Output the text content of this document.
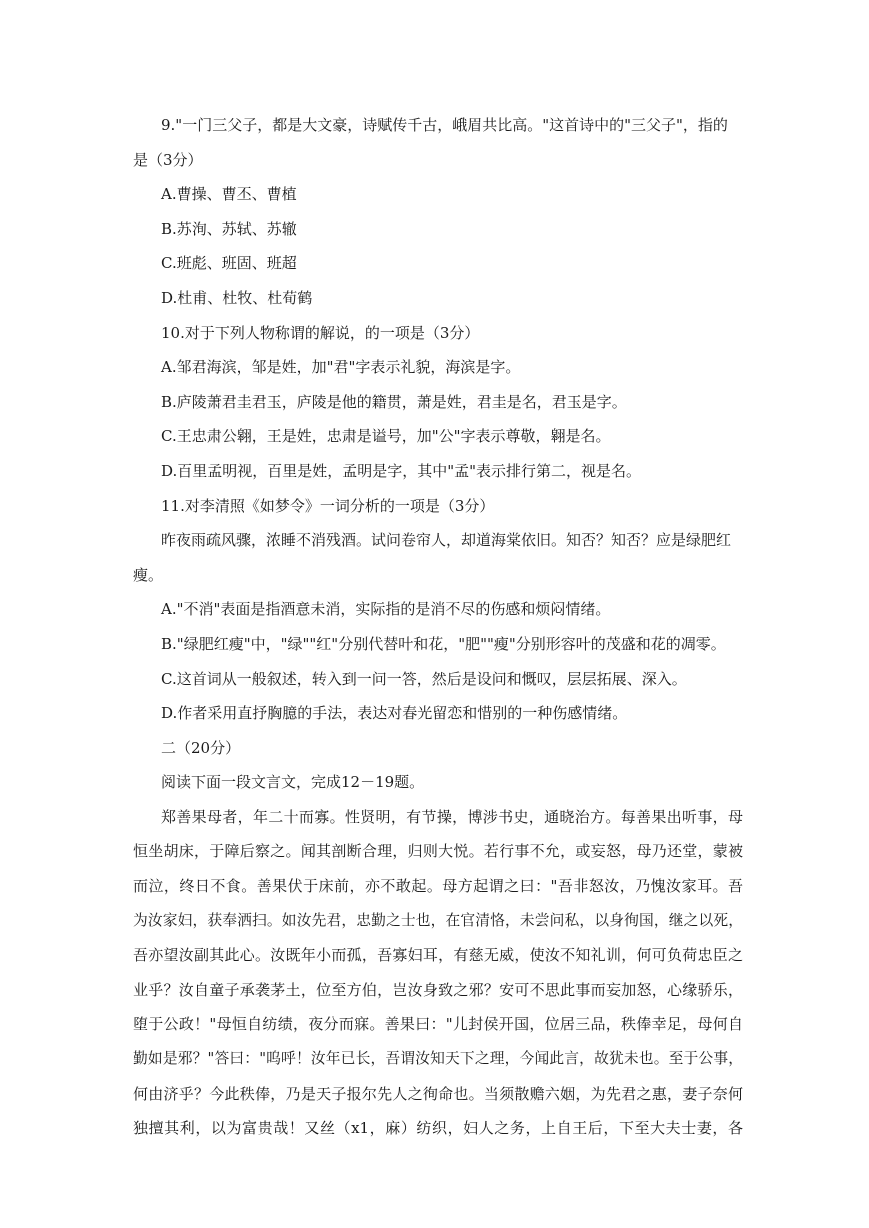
9."一门三父子，都是大文豪，诗赋传千古，峨眉共比高。"这首诗中的"三父子"，指的

是（3分）

A.曹操、曹丕、曹植

B.苏洵、苏轼、苏辙

C.班彪、班固、班超

D.杜甫、杜牧、杜荀鹤

10.对于下列人物称谓的解说，的一项是（3分）

A.邹君海滨，邹是姓，加"君"字表示礼貌，海滨是字。

B.庐陵萧君圭君玉，庐陵是他的籍贯，萧是姓，君圭是名，君玉是字。

C.王忠肃公翱，王是姓，忠肃是谥号，加"公"字表示尊敬，翱是名。

D.百里孟明视，百里是姓，孟明是字，其中"孟"表示排行第二，视是名。

11.对李清照《如梦令》一词分析的一项是（3分）

昨夜雨疏风骤，浓睡不消残酒。试问卷帘人，却道海棠依旧。知否？知否？应是绿肥红

瘦。

A."不消"表面是指酒意未消，实际指的是消不尽的伤感和烦闷情绪。

B."绿肥红瘦"中，"绿""红"分别代替叶和花，"肥""瘦"分别形容叶的茂盛和花的凋零。

C.这首词从一般叙述，转入到一问一答，然后是设问和慨叹，层层拓展、深入。

D.作者采用直抒胸臆的手法，表达对春光留恋和惜别的一种伤感情绪。

二（20分）

阅读下面一段文言文，完成12－19题。

郑善果母者，年二十而寡。性贤明，有节操，博涉书史，通晓治方。每善果出听事，母

恒坐胡床，于障后察之。闻其剖断合理，归则大悦。若行事不允，或妄怒，母乃还堂，蒙被

而泣，终日不食。善果伏于床前，亦不敢起。母方起谓之曰："吾非怒汝，乃愧汝家耳。吾

为汝家妇，获奉洒扫。如汝先君，忠勤之士也，在官清恪，未尝问私，以身徇国，继之以死，

吾亦望汝副其此心。汝既年小而孤，吾寡妇耳，有慈无威，使汝不知礼训，何可负荷忠臣之

业乎？汝自童子承袭茅土，位至方伯，岂汝身致之邪？安可不思此事而妄加怒，心缘骄乐，

堕于公政！"母恒自纺绩，夜分而寐。善果曰："儿封侯开国，位居三品，秩俸幸足，母何自

勤如是邪？"答曰："呜呼！汝年已长，吾谓汝知天下之理，今闻此言，故犹未也。至于公事，

何由济乎？今此秩俸，乃是天子报尔先人之徇命也。当须散赡六姻，为先君之惠，妻子奈何

独擅其利，以为富贵哉！又丝（x1，麻）纺织，妇人之务，上自王后，下至大夫士妻，各
